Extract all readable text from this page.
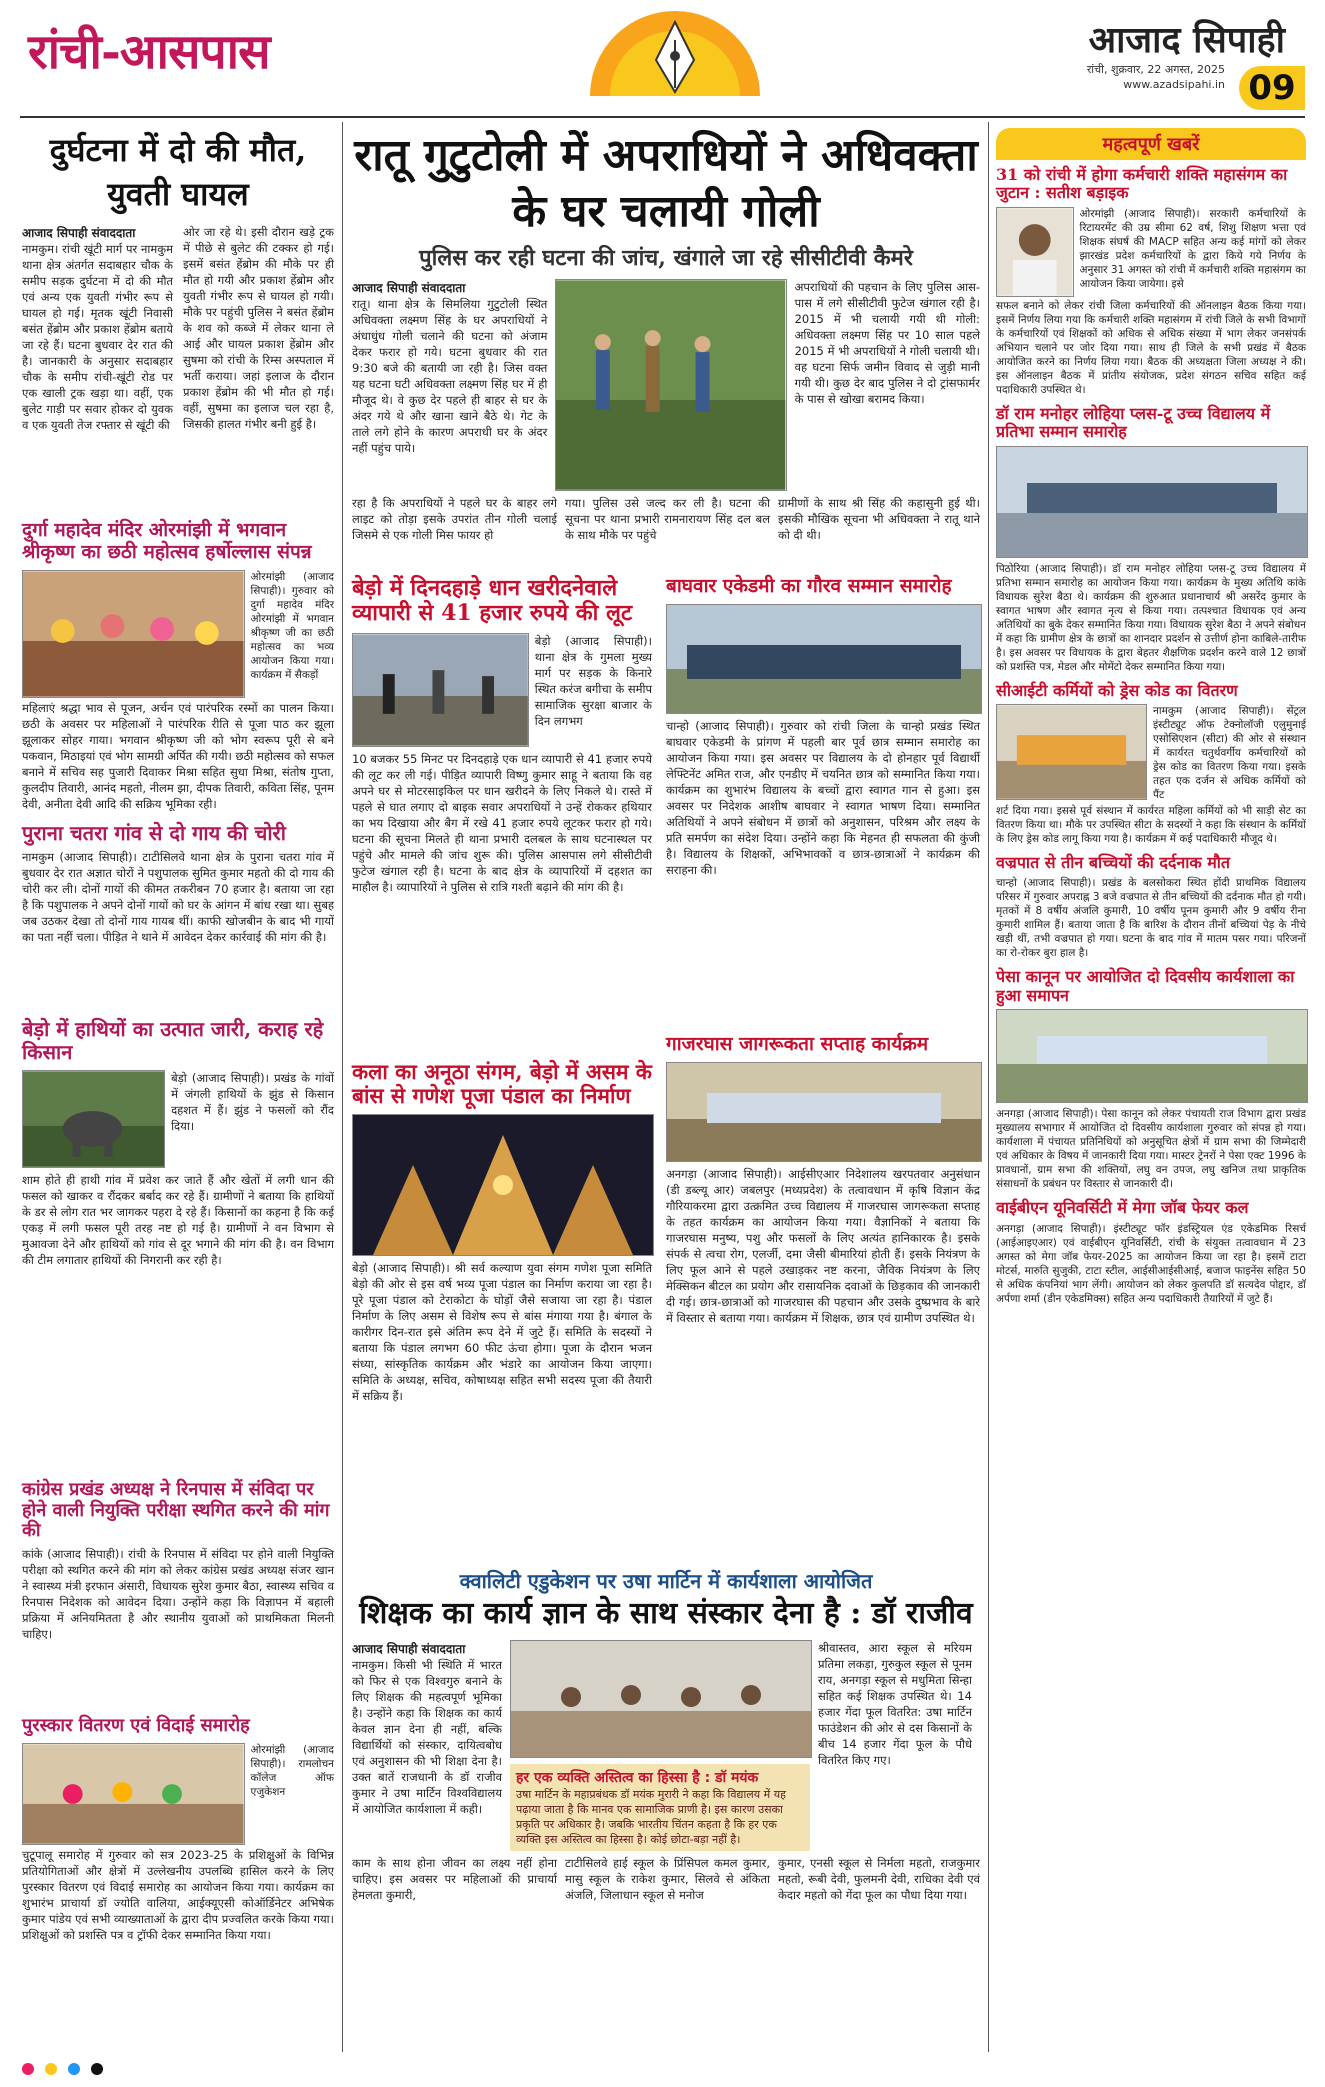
रांची-आसपास	आजाद सिपाही
रांची, शुक्रवार, 22 अगस्त, 2025
www.azadsipahi.in 09
दुर्घटना में दो की मौत, युवती घायल
आजाद सिपाही संवाददाता
नामकुम। रांची खूंटी मार्ग पर नामकुम थाना क्षेत्र अंतर्गत सदाबहार चौक के समीप सड़क दुर्घटना में दो की मौत एवं अन्य एक युवती गंभीर रूप से घायल हो गई। मृतक खूंटी निवासी बसंत हेंब्रोम और प्रकाश हेंब्रोम बताये जा रहे हैं। घटना बुधवार देर रात की है। जानकारी के अनुसार सदाबहार चौक के समीप रांची-खूंटी रोड पर एक खाली ट्रक खड़ा था। वहीं, एक बुलेट गाड़ी पर सवार होकर दो युवक व एक युवती तेज रफ्तार से खूंटी की
ओर जा रहे थे। इसी दौरान खड़े ट्रक में पीछे से बुलेट की टक्कर हो गई। इसमें बसंत हेंब्रोम की मौके पर ही मौत हो गयी और प्रकाश हेंब्रोम और युवती गंभीर रूप से घायल हो गयी। मौके पर पहुंची पुलिस ने बसंत हेंब्रोम के शव को कब्जे में लेकर थाना ले आई और घायल प्रकाश हेंब्रोम और सुषमा को रांची के रिम्स अस्पताल में भर्ती कराया। जहां इलाज के दौरान प्रकाश हेंब्रोम की भी मौत हो गई। वहीं, सुषमा का इलाज चल रहा है, जिसकी हालत गंभीर बनी हुई है।
दुर्गा महादेव मंदिर ओरमांझी में भगवान श्रीकृष्ण का छठी महोत्सव हर्षोल्लास संपन्न
ओरमांझी (आजाद सिपाही)। गुरुवार को दुर्गा महादेव मंदिर ओरमांझी में भगवान श्रीकृष्ण जी का छठी महोत्सव का भव्य आयोजन किया गया। कार्यक्रम में सैकड़ों
महिलाएं श्रद्धा भाव से पूजन, अर्चन एवं पारंपरिक रस्मों का पालन किया। छठी के अवसर पर महिलाओं ने पारंपरिक रीति से पूजा पाठ कर झूला झूलाकर सोहर गाया। भगवान श्रीकृष्ण जी को भोग स्वरूप पूरी से बने पकवान, मिठाइयां एवं भोग सामग्री अर्पित की गयी। छठी महोत्सव को सफल बनाने में सचिव सह पुजारी दिवाकर मिश्रा सहित सुधा मिश्रा, संतोष गुप्ता, कुलदीप तिवारी, आनंद महतो, नीलम झा, दीपक तिवारी, कविता सिंह, पूनम देवी, अनीता देवी आदि की सक्रिय भूमिका रही।
पुराना चतरा गांव से दो गाय की चोरी
नामकुम (आजाद सिपाही)। टाटीसिलवे थाना क्षेत्र के पुराना चतरा गांव में बुधवार देर रात अज्ञात चोरों ने पशुपालक सुमित कुमार महतो की दो गाय की चोरी कर ली। दोनों गायों की कीमत तकरीबन 70 हजार है। बताया जा रहा है कि पशुपालक ने अपने दोनों गायों को घर के आंगन में बांध रखा था। सुबह जब उठकर देखा तो दोनों गाय गायब थीं। काफी खोजबीन के बाद भी गायों का पता नहीं चला। पीड़ित ने थाने में आवेदन देकर कार्रवाई की मांग की है।
बेड़ो में हाथियों का उत्पात जारी, कराह रहे किसान
बेड़ो (आजाद सिपाही)। प्रखंड के गांवों में जंगली हाथियों के झुंड से किसान दहशत में हैं। झुंड ने फसलों को रौंद दिया।
शाम होते ही हाथी गांव में प्रवेश कर जाते हैं और खेतों में लगी धान की फसल को खाकर व रौंदकर बर्बाद कर रहे हैं। ग्रामीणों ने बताया कि हाथियों के डर से लोग रात भर जागकर पहरा दे रहे हैं। किसानों का कहना है कि कई एकड़ में लगी फसल पूरी तरह नष्ट हो गई है। ग्रामीणों ने वन विभाग से मुआवजा देने और हाथियों को गांव से दूर भगाने की मांग की है। वन विभाग की टीम लगातार हाथियों की निगरानी कर रही है।
कांग्रेस प्रखंड अध्यक्ष ने रिनपास में संविदा पर होने वाली नियुक्ति परीक्षा स्थगित करने की मांग की
कांके (आजाद सिपाही)। रांची के रिनपास में संविदा पर होने वाली नियुक्ति परीक्षा को स्थगित करने की मांग को लेकर कांग्रेस प्रखंड अध्यक्ष संजर खान ने स्वास्थ्य मंत्री इरफान अंसारी, विधायक सुरेश कुमार बैठा, स्वास्थ्य सचिव व रिनपास निदेशक को आवेदन दिया। उन्होंने कहा कि विज्ञापन में बहाली प्रक्रिया में अनियमितता है और स्थानीय युवाओं को प्राथमिकता मिलनी चाहिए।
पुरस्कार वितरण एवं विदाई समारोह
ओरमांझी (आजाद सिपाही)। रामलोचन कॉलेज ऑफ एजुकेशन
चुटूपालू समारोह में गुरुवार को सत्र 2023-25 के प्रशिक्षुओं के विभिन्न प्रतियोगिताओं और क्षेत्रों में उल्लेखनीय उपलब्धि हासिल करने के लिए पुरस्कार वितरण एवं विदाई समारोह का आयोजन किया गया। कार्यक्रम का शुभारंभ प्राचार्या डॉ ज्योति वालिया, आईक्यूएसी कोऑर्डिनेटर अभिषेक कुमार पांडेय एवं सभी व्याख्याताओं के द्वारा दीप प्रज्वलित करके किया गया। प्रशिक्षुओं को प्रशस्ति पत्र व ट्रॉफी देकर सम्मानित किया गया।
रातू गुटुटोली में अपराधियों ने अधिवक्ता के घर चलायी गोली
पुलिस कर रही घटना की जांच, खंगाले जा रहे सीसीटीवी कैमरे
आजाद सिपाही संवाददाता
रातू। थाना क्षेत्र के सिमलिया गुटुटोली स्थित अधिवक्ता लक्ष्मण सिंह के घर अपराधियों ने अंधाधुंध गोली चलाने की घटना को अंजाम देकर फरार हो गये। घटना बुधवार की रात 9:30 बजे की बतायी जा रही है। जिस वक्त यह घटना घटी अधिवक्ता लक्ष्मण सिंह घर में ही मौजूद थे। वे कुछ देर पहले ही बाहर से घर के अंदर गये थे और खाना खाने बैठे थे। गेट के ताले लगे होने के कारण अपराधी घर के अंदर नहीं पहुंच पाये।
अपराधियों की पहचान के लिए पुलिस आस-पास में लगे सीसीटीवी फुटेज खंगाल रही है। 2015 में भी चलायी गयी थी गोली: अधिवक्ता लक्ष्मण सिंह पर 10 साल पहले 2015 में भी अपराधियों ने गोली चलायी थी। वह घटना सिर्फ जमीन विवाद से जुड़ी मानी गयी थी। कुछ देर बाद पुलिस ने दो ट्रांसफार्मर के पास से खोखा बरामद किया।
रहा है कि अपराधियों ने पहले घर के बाहर लगे लाइट को तोड़ा इसके उपरांत तीन गोली चलाई जिसमे से एक गोली मिस फायर हो
गया। पुलिस उसे जल्द कर ली है। घटना की सूचना पर थाना प्रभारी रामनारायण सिंह दल बल के साथ मौके पर पहुंचे
ग्रामीणों के साथ श्री सिंह की कहासुनी हुई थी। इसकी मौखिक सूचना भी अधिवक्ता ने रातू थाने को दी थी।
बेड़ो में दिनदहाड़े धान खरीदनेवाले व्यापारी से 41 हजार रुपये की लूट
बेड़ो (आजाद सिपाही)। थाना क्षेत्र के गुमला मुख्य मार्ग पर सड़क के किनारे स्थित करंज बगीचा के समीप सामाजिक सुरक्षा बाजार के दिन लगभग
10 बजकर 55 मिनट पर दिनदहाड़े एक धान व्यापारी से 41 हजार रुपये की लूट कर ली गई। पीड़ित व्यापारी विष्णु कुमार साहू ने बताया कि वह अपने घर से मोटरसाइकिल पर धान खरीदने के लिए निकले थे। रास्ते में पहले से घात लगाए दो बाइक सवार अपराधियों ने उन्हें रोककर हथियार का भय दिखाया और बैग में रखे 41 हजार रुपये लूटकर फरार हो गये। घटना की सूचना मिलते ही थाना प्रभारी दलबल के साथ घटनास्थल पर पहुंचे और मामले की जांच शुरू की। पुलिस आसपास लगे सीसीटीवी फुटेज खंगाल रही है। घटना के बाद क्षेत्र के व्यापारियों में दहशत का माहौल है। व्यापारियों ने पुलिस से रात्रि गश्ती बढ़ाने की मांग की है।
कला का अनूठा संगम, बेड़ो में असम के बांस से गणेश पूजा पंडाल का निर्माण
बेड़ो (आजाद सिपाही)। श्री सर्व कल्याण युवा संगम गणेश पूजा समिति बेड़ो की ओर से इस वर्ष भव्य पूजा पंडाल का निर्माण कराया जा रहा है। पूरे पूजा पंडाल को टेराकोटा के घोड़ों जैसे सजाया जा रहा है। पंडाल निर्माण के लिए असम से विशेष रूप से बांस मंगाया गया है। बंगाल के कारीगर दिन-रात इसे अंतिम रूप देने में जुटे हैं। समिति के सदस्यों ने बताया कि पंडाल लगभग 60 फीट ऊंचा होगा। पूजा के दौरान भजन संध्या, सांस्कृतिक कार्यक्रम और भंडारे का आयोजन किया जाएगा। समिति के अध्यक्ष, सचिव, कोषाध्यक्ष सहित सभी सदस्य पूजा की तैयारी में सक्रिय हैं।
बाघवार एकेडमी का गौरव सम्मान समारोह
चान्हो (आजाद सिपाही)। गुरुवार को रांची जिला के चान्हो प्रखंड स्थित बाघवार एकेडमी के प्रांगण में पहली बार पूर्व छात्र सम्मान समारोह का आयोजन किया गया। इस अवसर पर विद्यालय के दो होनहार पूर्व विद्यार्थी लेफ्टिनेंट अमित राज, और एनडीए में चयनित छात्र को सम्मानित किया गया। कार्यक्रम का शुभारंभ विद्यालय के बच्चों द्वारा स्वागत गान से हुआ। इस अवसर पर निदेशक आशीष बाघवार ने स्वागत भाषण दिया। सम्मानित अतिथियों ने अपने संबोधन में छात्रों को अनुशासन, परिश्रम और लक्ष्य के प्रति समर्पण का संदेश दिया। उन्होंने कहा कि मेहनत ही सफलता की कुंजी है। विद्यालय के शिक्षकों, अभिभावकों व छात्र-छात्राओं ने कार्यक्रम की सराहना की।
गाजरघास जागरूकता सप्ताह कार्यक्रम
अनगड़ा (आजाद सिपाही)। आईसीएआर निदेशालय खरपतवार अनुसंधान (डी डब्ल्यू आर) जबलपुर (मध्यप्रदेश) के तत्वावधान में कृषि विज्ञान केंद्र गौरियाकरमा द्वारा उत्क्रमित उच्च विद्यालय में गाजरघास जागरूकता सप्ताह के तहत कार्यक्रम का आयोजन किया गया। वैज्ञानिकों ने बताया कि गाजरघास मनुष्य, पशु और फसलों के लिए अत्यंत हानिकारक है। इसके संपर्क से त्वचा रोग, एलर्जी, दमा जैसी बीमारियां होती हैं। इसके नियंत्रण के लिए फूल आने से पहले उखाड़कर नष्ट करना, जैविक नियंत्रण के लिए मेक्सिकन बीटल का प्रयोग और रासायनिक दवाओं के छिड़काव की जानकारी दी गई। छात्र-छात्राओं को गाजरघास की पहचान और उसके दुष्प्रभाव के बारे में विस्तार से बताया गया। कार्यक्रम में शिक्षक, छात्र एवं ग्रामीण उपस्थित थे।
क्वालिटी एडुकेशन पर उषा मार्टिन में कार्यशाला आयोजित
शिक्षक का कार्य ज्ञान के साथ संस्कार देना है : डॉ राजीव
आजाद सिपाही संवाददाता
नामकुम। किसी भी स्थिति में भारत को फिर से एक विश्वगुरु बनाने के लिए शिक्षक की महत्वपूर्ण भूमिका है। उन्होंने कहा कि शिक्षक का कार्य केवल ज्ञान देना ही नहीं, बल्कि विद्यार्थियों को संस्कार, दायित्वबोध एवं अनुशासन की भी शिक्षा देना है। उक्त बातें राजधानी के डॉ राजीव कुमार ने उषा मार्टिन विश्वविद्यालय में आयोजित कार्यशाला में कही।
हर एक व्यक्ति अस्तित्व का हिस्सा है : डॉ मयंक
उषा मार्टिन के महाप्रबंधक डॉ मयंक मुरारी ने कहा कि विद्यालय में यह पढ़ाया जाता है कि मानव एक सामाजिक प्राणी है। इस कारण उसका प्रकृति पर अधिकार है। जबकि भारतीय चिंतन कहता है कि हर एक व्यक्ति इस अस्तित्व का हिस्सा है। कोई छोटा-बड़ा नहीं है।
श्रीवास्तव, आरा स्कूल से मरियम प्रतिमा लकड़ा, गुरुकुल स्कूल से पूनम राय, अनगड़ा स्कूल से मधुमिता सिन्हा सहित कई शिक्षक उपस्थित थे। 14 हजार गेंदा फूल वितरित: उषा मार्टिन फाउंडेशन की ओर से दस किसानों के बीच 14 हजार गेंदा फूल के पौधे वितरित किए गए।
काम के साथ होना जीवन का लक्ष्य नहीं होना चाहिए। इस अवसर पर महिलाओं की प्राचार्या हेमलता कुमारी,
टाटीसिलवे हाई स्कूल के प्रिंसिपल कमल कुमार, मासु स्कूल के राकेश कुमार, सिलवे से अंकिता अंजलि, जिलाधान स्कूल से मनोज
कुमार, एनसी स्कूल से निर्मला महतो, राजकुमार महतो, रूबी देवी, फुलमनी देवी, राधिका देवी एवं केदार महतो को गेंदा फूल का पौधा दिया गया।
महत्वपूर्ण खबरें
31 को रांची में होगा कर्मचारी शक्ति महासंगम का जुटान : सतीश बड़ाइक
ओरमांझी (आजाद सिपाही)। सरकारी कर्मचारियों के रिटायरमेंट की उम्र सीमा 62 वर्ष, शिशु शिक्षण भत्ता एवं शिक्षक संघर्ष की MACP सहित अन्य कई मांगों को लेकर झारखंड प्रदेश कर्मचारियों के द्वारा किये गये निर्णय के अनुसार 31 अगस्त को रांची में कर्मचारी शक्ति महासंगम का आयोजन किया जायेगा। इसे
सफल बनाने को लेकर रांची जिला कर्मचारियों की ऑनलाइन बैठक किया गया। इसमें निर्णय लिया गया कि कर्मचारी शक्ति महासंगम में रांची जिले के सभी विभागों के कर्मचारियों एवं शिक्षकों को अधिक से अधिक संख्या में भाग लेकर जनसंपर्क अभियान चलाने पर जोर दिया गया। साथ ही जिले के सभी प्रखंड में बैठक आयोजित करने का निर्णय लिया गया। बैठक की अध्यक्षता जिला अध्यक्ष ने की। इस ऑनलाइन बैठक में प्रांतीय संयोजक, प्रदेश संगठन सचिव सहित कई पदाधिकारी उपस्थित थे।
डॉ राम मनोहर लोहिया प्लस-टू उच्च विद्यालय में प्रतिभा सम्मान समारोह
पिठोरिया (आजाद सिपाही)। डॉ राम मनोहर लोहिया प्लस-टू उच्च विद्यालय में प्रतिभा सम्मान समारोह का आयोजन किया गया। कार्यक्रम के मुख्य अतिथि कांके विधायक सुरेश बैठा थे। कार्यक्रम की शुरुआत प्रधानाचार्य श्री असरेंद कुमार के स्वागत भाषण और स्वागत नृत्य से किया गया। तत्पश्चात विधायक एवं अन्य अतिथियों का बुके देकर सम्मानित किया गया। विधायक सुरेश बैठा ने अपने संबोधन में कहा कि ग्रामीण क्षेत्र के छात्रों का शानदार प्रदर्शन से उत्तीर्ण होना काबिले-तारीफ है। इस अवसर पर विधायक के द्वारा बेहतर शैक्षणिक प्रदर्शन करने वाले 12 छात्रों को प्रशस्ति पत्र, मेडल और मोमेंटो देकर सम्मानित किया गया।
सीआईटी कर्मियों को ड्रेस कोड का वितरण
नामकुम (आजाद सिपाही)। सेंट्रल इंस्टीट्यूट ऑफ टेक्नोलॉजी एलुमुनाई एसोसिएशन (सीटा) की ओर से संस्थान में कार्यरत चतुर्थवर्गीय कर्मचारियों को ड्रेस कोड का वितरण किया गया। इसके तहत एक दर्जन से अधिक कर्मियों को पैंट
शर्ट दिया गया। इससे पूर्व संस्थान में कार्यरत महिला कर्मियों को भी साड़ी सेट का वितरण किया था। मौके पर उपस्थित सीटा के सदस्यों ने कहा कि संस्थान के कर्मियों के लिए ड्रेस कोड लागू किया गया है। कार्यक्रम में कई पदाधिकारी मौजूद थे।
वज्रपात से तीन बच्चियों की दर्दनाक मौत
चान्हो (आजाद सिपाही)। प्रखंड के बलसोकरा स्थित होंदी प्राथमिक विद्यालय परिसर में गुरुवार अपराह्न 3 बजे वज्रपात से तीन बच्चियों की दर्दनाक मौत हो गयी। मृतकों में 8 वर्षीय अंजलि कुमारी, 10 वर्षीय पूनम कुमारी और 9 वर्षीय रीना कुमारी शामिल हैं। बताया जाता है कि बारिश के दौरान तीनों बच्चियां पेड़ के नीचे खड़ी थीं, तभी वज्रपात हो गया। घटना के बाद गांव में मातम पसर गया। परिजनों का रो-रोकर बुरा हाल है।
पेसा कानून पर आयोजित दो दिवसीय कार्यशाला का हुआ समापन
अनगड़ा (आजाद सिपाही)। पेसा कानून को लेकर पंचायती राज विभाग द्वारा प्रखंड मुख्यालय सभागार में आयोजित दो दिवसीय कार्यशाला गुरुवार को संपन्न हो गया। कार्यशाला में पंचायत प्रतिनिधियों को अनुसूचित क्षेत्रों में ग्राम सभा की जिम्मेदारी एवं अधिकार के विषय में जानकारी दिया गया। मास्टर ट्रेनरों ने पेसा एक्ट 1996 के प्रावधानों, ग्राम सभा की शक्तियों, लघु वन उपज, लघु खनिज तथा प्राकृतिक संसाधनों के प्रबंधन पर विस्तार से जानकारी दी।
वाईबीएन यूनिवर्सिटी में मेगा जॉब फेयर कल
अनगड़ा (आजाद सिपाही)। इंस्टीट्यूट फॉर इंडस्ट्रियल एंड एकेडमिक रिसर्च (आईआइएआर) एवं वाईबीएन यूनिवर्सिटी, रांची के संयुक्त तत्वावधान में 23 अगस्त को मेगा जॉब फेयर-2025 का आयोजन किया जा रहा है। इसमें टाटा मोटर्स, मारुति सुजुकी, टाटा स्टील, आईसीआईसीआई, बजाज फाइनेंस सहित 50 से अधिक कंपनियां भाग लेंगी। आयोजन को लेकर कुलपति डॉ सत्यदेव पोद्दार, डॉ अर्पणा शर्मा (डीन एकेडमिक्स) सहित अन्य पदाधिकारी तैयारियों में जुटे हैं।
